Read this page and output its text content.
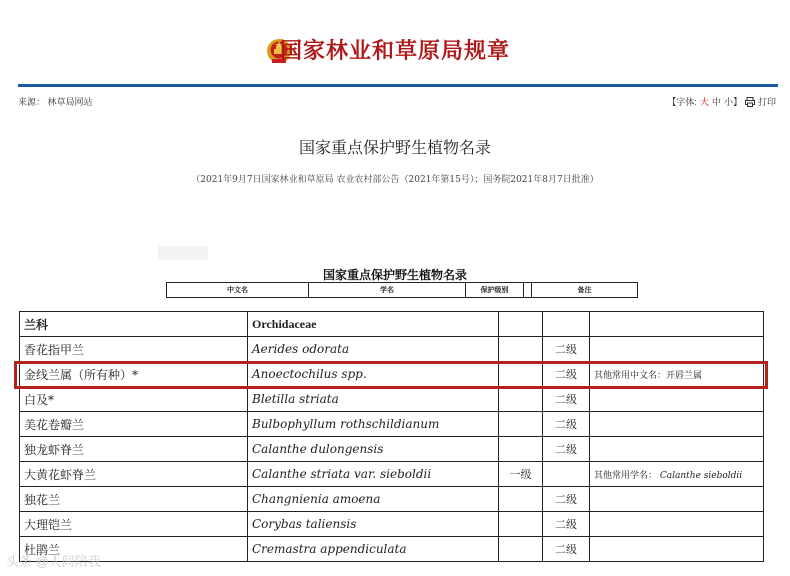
国家林业和草原局规章
来源： 林草局网站	【字体: 大 中 小】 打印
国家重点保护野生植物名录
（2021年9月7日国家林业和草原局 农业农村部公告（2021年第15号）；国务院2021年8月7日批准）
国家重点保护野生植物名录
中文名	学名	保护级别		备注
兰科	Orchidaceae			
香花指甲兰	Aerides odorata		二级	
金线兰属（所有种）*	Anoectochilus spp.		二级	其他常用中文名：开唇兰属
白及*	Bletilla striata		二级	
美花卷瓣兰	Bulbophyllum rothschildianum		二级	
独龙虾脊兰	Calanthe dulongensis		二级	
大黄花虾脊兰	Calanthe striata var. sieboldii	一级		其他常用学名： Calanthe sieboldii
独花兰	Changnienia amoena		二级	
大理铠兰	Corybas taliensis		二级	
杜鹃兰	Cremastra appendiculata		二级	
头条 @人间陪我
